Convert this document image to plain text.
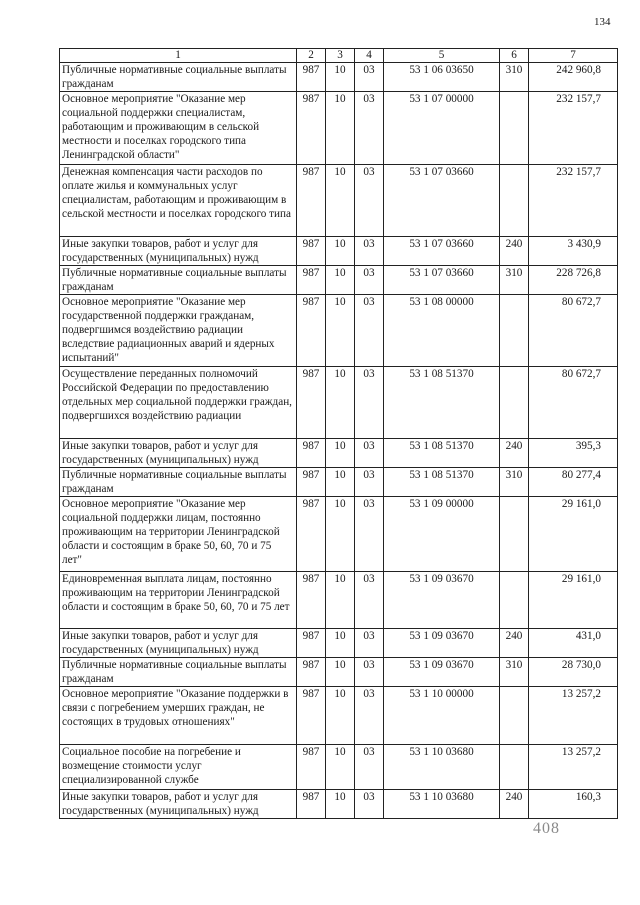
134
1	2	3	4	5	6	7
Публичные нормативные социальные выплаты гражданам	987	10	03	53 1 06 03650	310	242 960,8
Основное мероприятие "Оказание мер социальной поддержки специалистам, работающим и проживающим в сельской местности и поселках городского типа Ленинградской области"	987	10	03	53 1 07 00000		232 157,7
Денежная компенсация части расходов по оплате жилья и коммунальных услуг специалистам, работающим и проживающим в сельской местности и поселках городского типа	987	10	03	53 1 07 03660		232 157,7
Иные закупки товаров, работ и услуг для государственных (муниципальных) нужд	987	10	03	53 1 07 03660	240	3 430,9
Публичные нормативные социальные выплаты гражданам	987	10	03	53 1 07 03660	310	228 726,8
Основное мероприятие "Оказание мер государственной поддержки гражданам, подвергшимся воздействию радиации вследствие радиационных аварий и ядерных испытаний"	987	10	03	53 1 08 00000		80 672,7
Осуществление переданных полномочий Российской Федерации по предоставлению отдельных мер социальной поддержки граждан, подвергшихся воздействию радиации	987	10	03	53 1 08 51370		80 672,7
Иные закупки товаров, работ и услуг для государственных (муниципальных) нужд	987	10	03	53 1 08 51370	240	395,3
Публичные нормативные социальные выплаты гражданам	987	10	03	53 1 08 51370	310	80 277,4
Основное мероприятие "Оказание мер социальной поддержки лицам, постоянно проживающим на территории Ленинградской области и состоящим в браке 50, 60, 70 и 75 лет"	987	10	03	53 1 09 00000		29 161,0
Единовременная выплата лицам, постоянно проживающим на территории Ленинградской области и состоящим в браке 50, 60, 70 и 75 лет	987	10	03	53 1 09 03670		29 161,0
Иные закупки товаров, работ и услуг для государственных (муниципальных) нужд	987	10	03	53 1 09 03670	240	431,0
Публичные нормативные социальные выплаты гражданам	987	10	03	53 1 09 03670	310	28 730,0
Основное мероприятие "Оказание поддержки в связи с погребением умерших граждан, не состоящих в трудовых отношениях"	987	10	03	53 1 10 00000		13 257,2
Социальное пособие на погребение и возмещение стоимости услуг специализированной службе	987	10	03	53 1 10 03680		13 257,2
Иные закупки товаров, работ и услуг для государственных (муниципальных) нужд	987	10	03	53 1 10 03680	240	160,3
408
